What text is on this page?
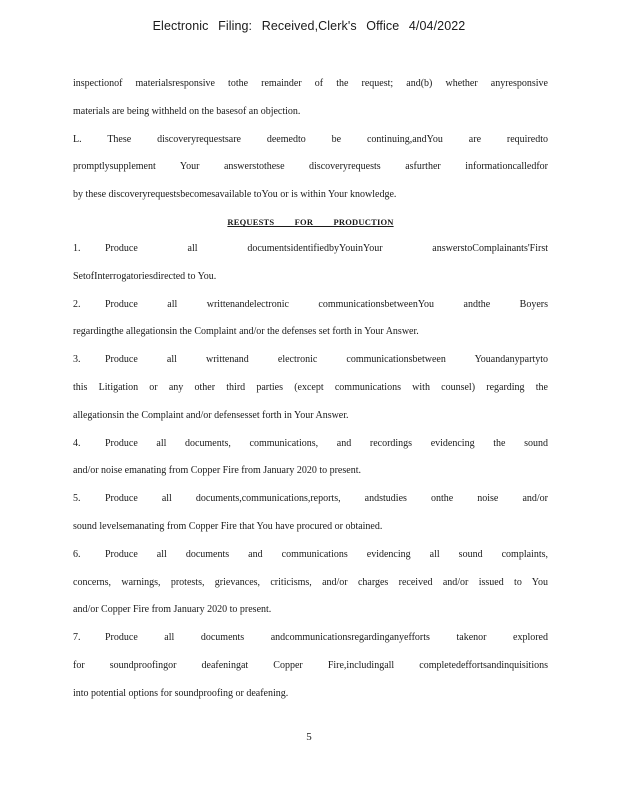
Electronic Filing: Received,Clerk's Office 4/04/2022
inspectionof materialsresponsive tothe remainder of the request; and(b) whether anyresponsive
materials are being withheld on the basesof an objection.
L. These discoveryrequestsare deemedto be continuing,andYou are requiredto
promptlysupplement Your answerstothese discoveryrequests asfurther informationcalledfor
by these discoveryrequestsbecomesavailable toYou or is within Your knowledge.
REQUESTS FOR PRODUCTION
1. Produce all documentsidentifiedbyYouinYour answerstoComplainants'First
SetofInterrogatoriesdirected to You.
2. Produce all writtenandelectronic communicationsbetweenYou andthe Boyers
regardingthe allegationsin the Complaint and/or the defenses set forth in Your Answer.
3. Produce all writtenand electronic communicationsbetween Youandanypartyto
this Litigation or any other third parties (except communications with counsel) regarding the
allegationsin the Complaint and/or defensesset forth in Your Answer.
4. Produce all documents, communications, and recordings evidencing the sound
and/or noise emanating from Copper Fire from January 2020 to present.
5. Produce all documents,communications,reports, andstudies onthe noise and/or
sound levelsemanating from Copper Fire that You have procured or obtained.
6. Produce all documents and communications evidencing all sound complaints,
concerns, warnings, protests, grievances, criticisms, and/or charges received and/or issued to You
and/or Copper Fire from January 2020 to present.
7. Produce all documents andcommunicationsregardinganyefforts takenor explored
for soundproofingor deafeningat Copper Fire,includingall completedeffortsandinquisitions
into potential options for soundproofing or deafening.
5
